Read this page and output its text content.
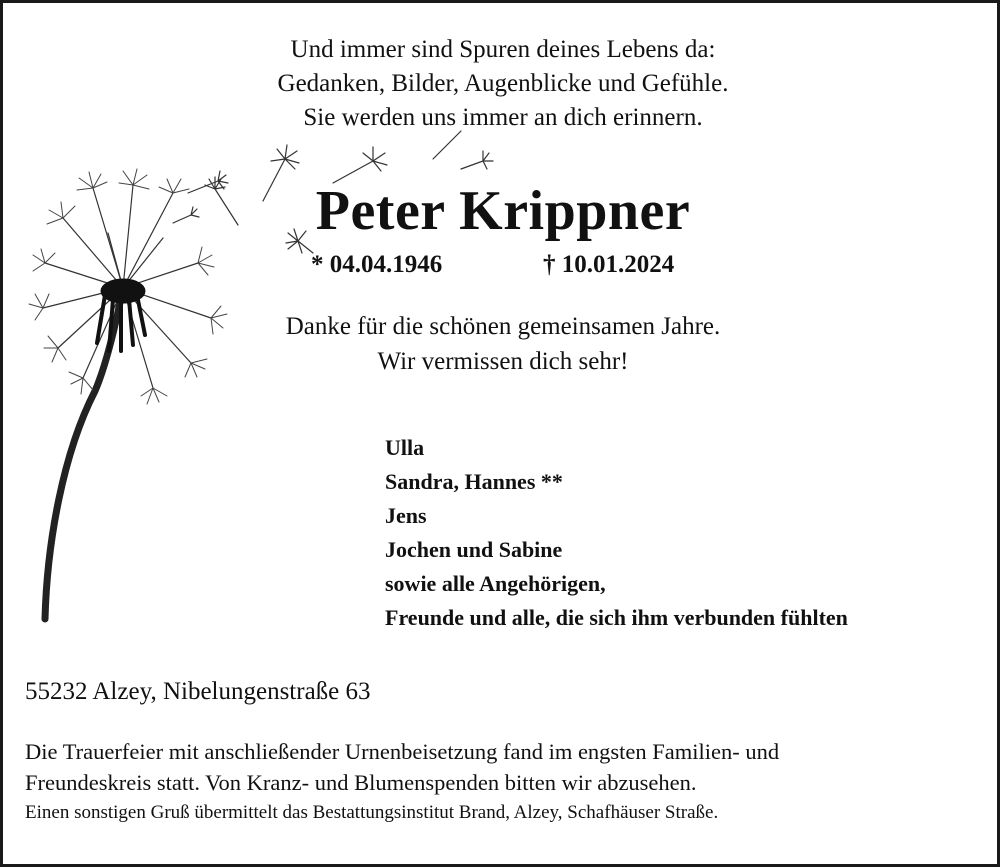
Und immer sind Spuren deines Lebens da:
Gedanken, Bilder, Augenblicke und Gefühle.
Sie werden uns immer an dich erinnern.
Peter Krippner
* 04.04.1946	† 10.01.2024
Danke für die schönen gemeinsamen Jahre.
Wir vermissen dich sehr!
Ulla
Sandra, Hannes **
Jens
Jochen und Sabine
sowie alle Angehörigen,
Freunde und alle, die sich ihm verbunden fühlten
55232 Alzey, Nibelungenstraße 63
Die Trauerfeier mit anschließender Urnenbeisetzung fand im engsten Familien- und
Freundeskreis statt. Von Kranz- und Blumenspenden bitten wir abzusehen.
Einen sonstigen Gruß übermittelt das Bestattungsinstitut Brand, Alzey, Schafhäuser Straße.
